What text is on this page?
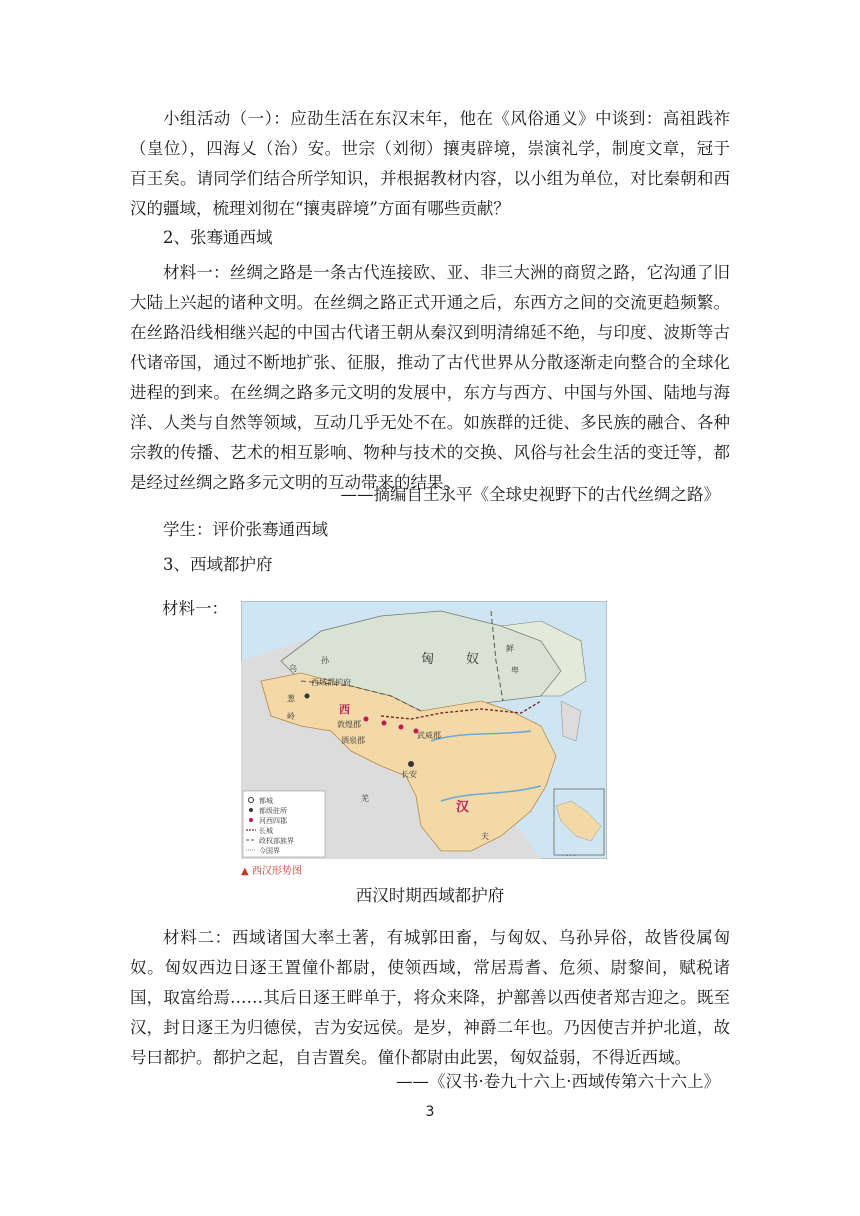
小组活动（一）：应劭生活在东汉末年，他在《风俗通义》中谈到：高祖践祚（皇位），四海乂（治）安。世宗（刘彻）攘夷辟境，崇演礼学，制度文章，冠于百王矣。请同学们结合所学知识，并根据教材内容，以小组为单位，对比秦朝和西汉的疆域，梳理刘彻在“攘夷辟境”方面有哪些贡献？
2、张骞通西域
材料一：丝绸之路是一条古代连接欧、亚、非三大洲的商贸之路，它沟通了旧大陆上兴起的诸种文明。在丝绸之路正式开通之后，东西方之间的交流更趋频繁。在丝路沿线相继兴起的中国古代诸王朝从秦汉到明清绵延不绝，与印度、波斯等古代诸帝国，通过不断地扩张、征服，推动了古代世界从分散逐渐走向整合的全球化进程的到来。在丝绸之路多元文明的发展中，东方与西方、中国与外国、陆地与海洋、人类与自然等领域，互动几乎无处不在。如族群的迁徙、多民族的融合、各种宗教的传播、艺术的相互影响、物种与技术的交换、风俗与社会生活的变迁等，都是经过丝绸之路多元文明的互动带来的结果。
——摘编自王永平《全球史视野下的古代丝绸之路》
学生：评价张骞通西域
3、西域都护府
材料一：
匈 奴
鲜
卑
乌
孙
葱
岭
西域都护府
西
敦煌郡
酒泉郡
武威郡
长安
汉
羌
夫
都城
都级驻所
河西四郡
长城
政权部族界
今国界
▲ 西汉形势图
西汉时期西域都护府
材料二：西域诸国大率土著，有城郭田畜，与匈奴、乌孙异俗，故皆役属匈奴。匈奴西边日逐王置僮仆都尉，使领西域，常居焉耆、危须、尉黎间，赋税诸国，取富给焉……其后日逐王畔单于，将众来降，护鄯善以西使者郑吉迎之。既至汉，封日逐王为归德侯，吉为安远侯。是岁，神爵二年也。乃因使吉并护北道，故号曰都护。都护之起，自吉置矣。僮仆都尉由此罢，匈奴益弱，不得近西域。
——《汉书·卷九十六上·西域传第六十六上》
3
